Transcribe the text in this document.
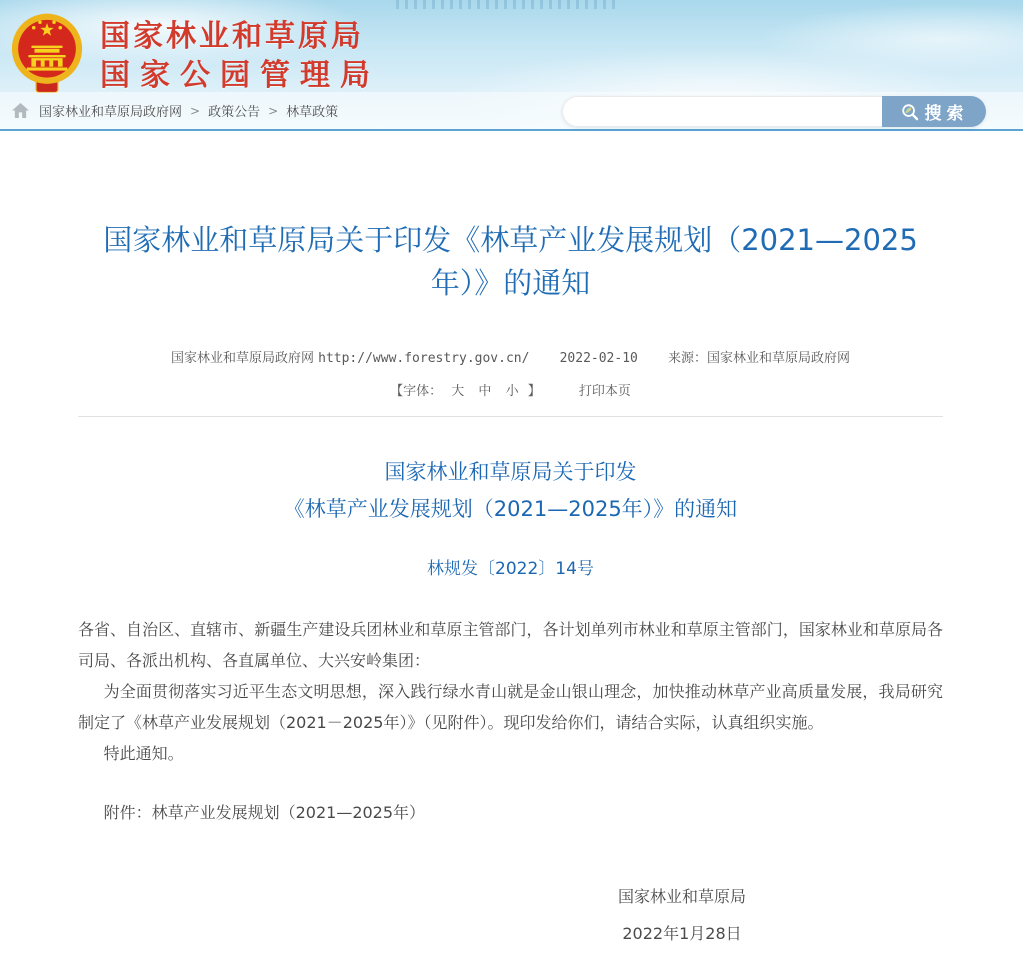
国家林业和草原局
国家公园管理局
搜索
国家林业和草原局政府网 > 政策公告 > 林草政策
国家林业和草原局关于印发《林草产业发展规划（2021—2025年）》的通知
国家林业和草原局政府网 http://www.forestry.gov.cn/ 2022-02-10 来源：国家林业和草原局政府网
【字体： 大 中 小 】	打印本页
国家林业和草原局关于印发
《林草产业发展规划（2021—2025年）》的通知
林规发〔2022〕14号

各省、自治区、直辖市、新疆生产建设兵团林业和草原主管部门，各计划单列市林业和草原主管部门，国家林业和草原局各司局、各派出机构、各直属单位、大兴安岭集团：

为全面贯彻落实习近平生态文明思想，深入践行绿水青山就是金山银山理念，加快推动林草产业高质量发展，我局研究制定了《林草产业发展规划（2021－2025年）》（见附件）。现印发给你们，请结合实际，认真组织实施。

特此通知。

附件：林草产业发展规划（2021—2025年）

国家林业和草原局
2022年1月28日
